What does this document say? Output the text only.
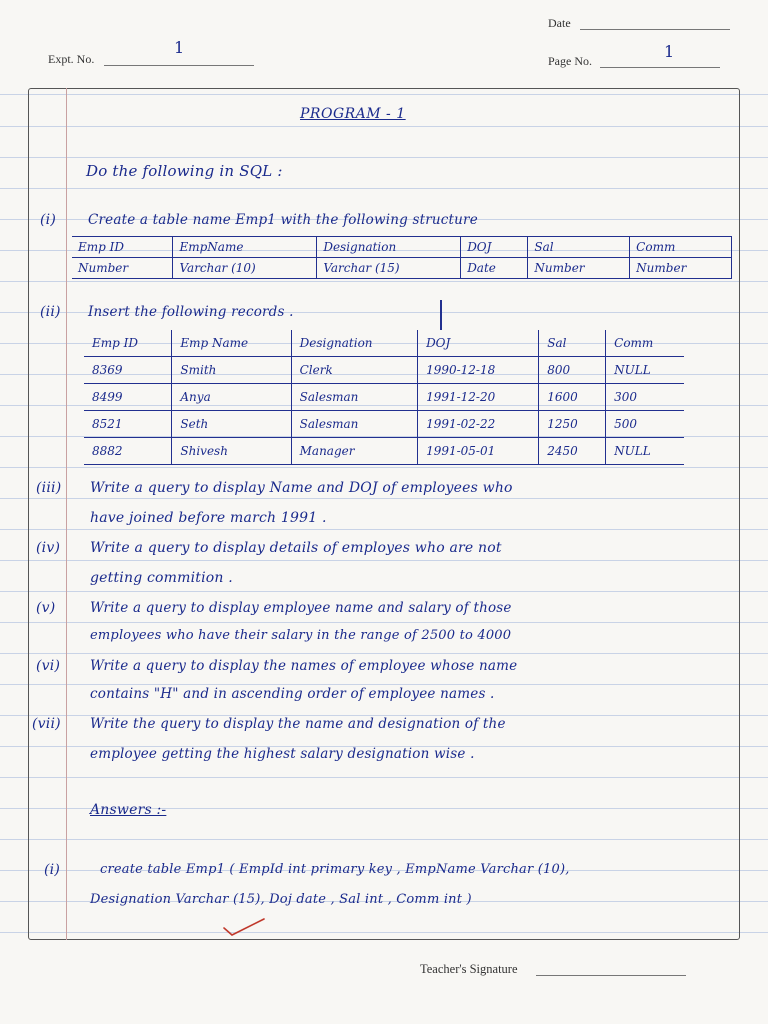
Date
Expt. No.
1
Page No.	1
PROGRAM - 1
Do the following in SQL :
(i) Create a table name Emp1 with the following structure
Emp ID	EmpName	Designation	DOJ	Sal	Comm
Number	Varchar (10)	Varchar (15)	Date	Number	Number
(ii) Insert the following records .
Emp ID	Emp Name	Designation	DOJ	Sal	Comm
8369	Smith	Clerk	1990-12-18	800	NULL
8499	Anya	Salesman	1991-12-20	1600	300
8521	Seth	Salesman	1991-02-22	1250	500
8882	Shivesh	Manager	1991-05-01	2450	NULL
(iii) Write a query to display Name and DOJ of employees who
have joined before march 1991 .
(iv) Write a query to display details of employes who are not
getting commition .
(v)	Write a query to display employee name and salary of those
employees who have their salary in the range of 2500 to 4000
(vi) Write a query to display the names of employee whose name
contains "H" and in ascending order of employee names .
(vii) Write the query to display the name and designation of the
employee getting the highest salary designation wise .
Answers :-
(i)	create table Emp1 ( EmpId int primary key , EmpName Varchar (10),
Designation Varchar (15), Doj date , Sal int , Comm int )
Teacher's Signature
